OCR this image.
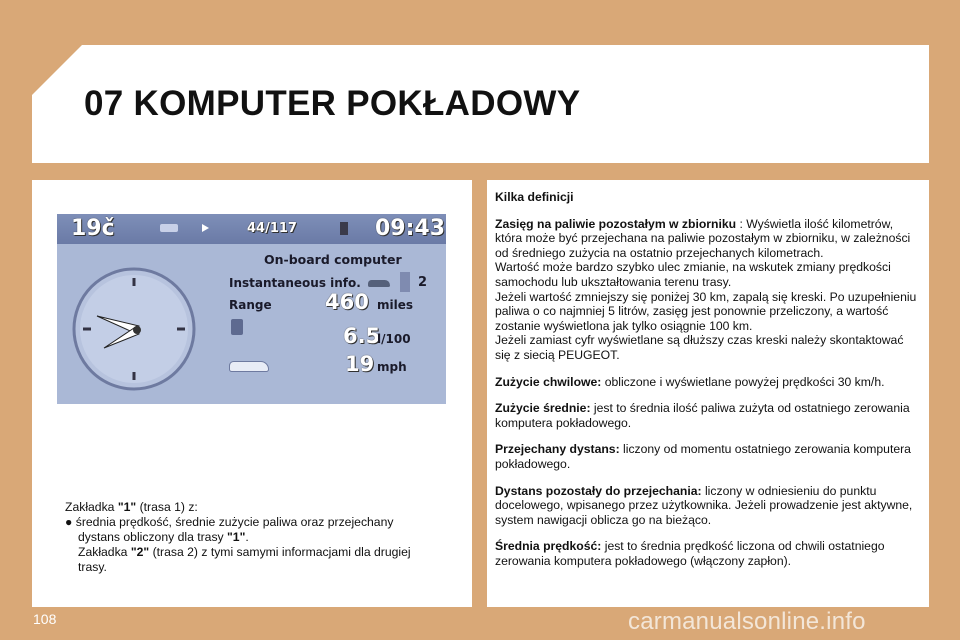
07 KOMPUTER POKŁADOWY
19č	44/117	09:43
On-board computer
Instantaneous info.	2
Range	460 miles
6.5
l/100
19 mph
Zakładka "1" (trasa 1) z:
● średnia prędkość, średnie zużycie paliwa oraz przejechany
dystans obliczony dla trasy "1".
Zakładka "2" (trasa 2) z tymi samymi informacjami dla drugiej
trasy.

Kilka definicji

Zasięg na paliwie pozostałym w zbiorniku : Wyświetla ilość kilometrów, która może być przejechana na paliwie pozostałym w zbiorniku, w zależności od średniego zużycia na ostatnio przejechanych kilometrach.
Wartość może bardzo szybko ulec zmianie, na wskutek zmiany prędkości samochodu lub ukształtowania terenu trasy.
Jeżeli wartość zmniejszy się poniżej 30 km, zapalą się kreski. Po uzupełnieniu paliwa o co najmniej 5 litrów, zasięg jest ponownie przeliczony, a wartość zostanie wyświetlona jak tylko osiągnie 100 km.
Jeżeli zamiast cyfr wyświetlane są dłuższy czas kreski należy skontaktować się z siecią PEUGEOT.

Zużycie chwilowe: obliczone i wyświetlane powyżej prędkości 30 km/h.

Zużycie średnie: jest to średnia ilość paliwa zużyta od ostatniego zerowania komputera pokładowego.

Przejechany dystans: liczony od momentu ostatniego zerowania komputera pokładowego.

Dystans pozostały do przejechania: liczony w odniesieniu do punktu docelowego, wpisanego przez użytkownika. Jeżeli prowadzenie jest aktywne, system nawigacji oblicza go na bieżąco.

Średnia prędkość: jest to średnia prędkość liczona od chwili ostatniego zerowania komputera pokładowego (włączony zapłon).

108	carmanualsonline.info
